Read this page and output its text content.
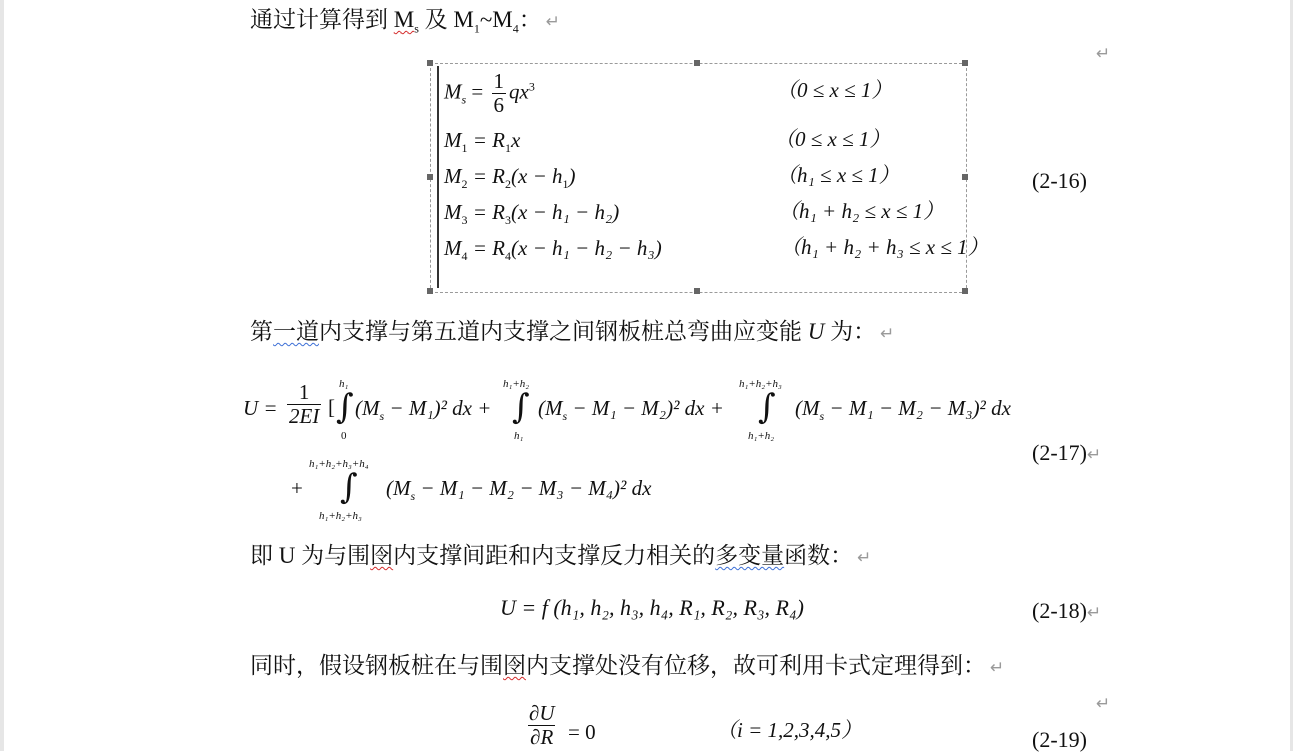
通过计算得到 $M_s$ 及 $M_1\sim M_4$： ↵
↵
$M_s = \frac{1}{6} qx^3$	（0 ≤ x ≤ 1）
$M_1 = R_1x$	（0 ≤ x ≤ 1）
$M_2 = R_2(x - h_1)$	（h₁ ≤ x ≤ 1）
$M_3 = R_3(x - h_1 - h_2)$	（h₁ + h₂ ≤ x ≤ 1）
$M_4 = R_4(x - h_1 - h_2 - h_3)$	（h₁ + h₂ + h₃ ≤ x ≤ 1）
(2-16)
第一道内支撑与第五道内支撑之间钢板桩总弯曲应变能 U 为： ↵
$U = \frac{1}{2EI}$ [ ∫
h₁
0
$(M_s - M_1)^2$ dx + ∫
h₁+h₂
h₁
$(M_s - M_1 - M_2)^2$ dx + ∫
h₁+h₂+h₃
h₁+h₂
$(M_s - M_1 - M_2 - M_3)^2$ dx
(2-17)↵
+ ∫
h₁+h₂+h₃+h₄
h₁+h₂+h₃
$(M_s - M_1 - M_2 - M_3 - M_4)^2$ dx
即 U 为与围囹内支撑间距和内支撑反力相关的多变量函数： ↵
U = f (h₁, h₂, h₃, h₄, R₁, R₂, R₃, R₄)	(2-18)↵
同时，假设钢板桩在与围囹内支撑处没有位移，故可利用卡式定理得到： ↵
↵
$\frac{\partial U}{\partial R} = 0$	（i = 1,2,3,4,5）	(2-19)
